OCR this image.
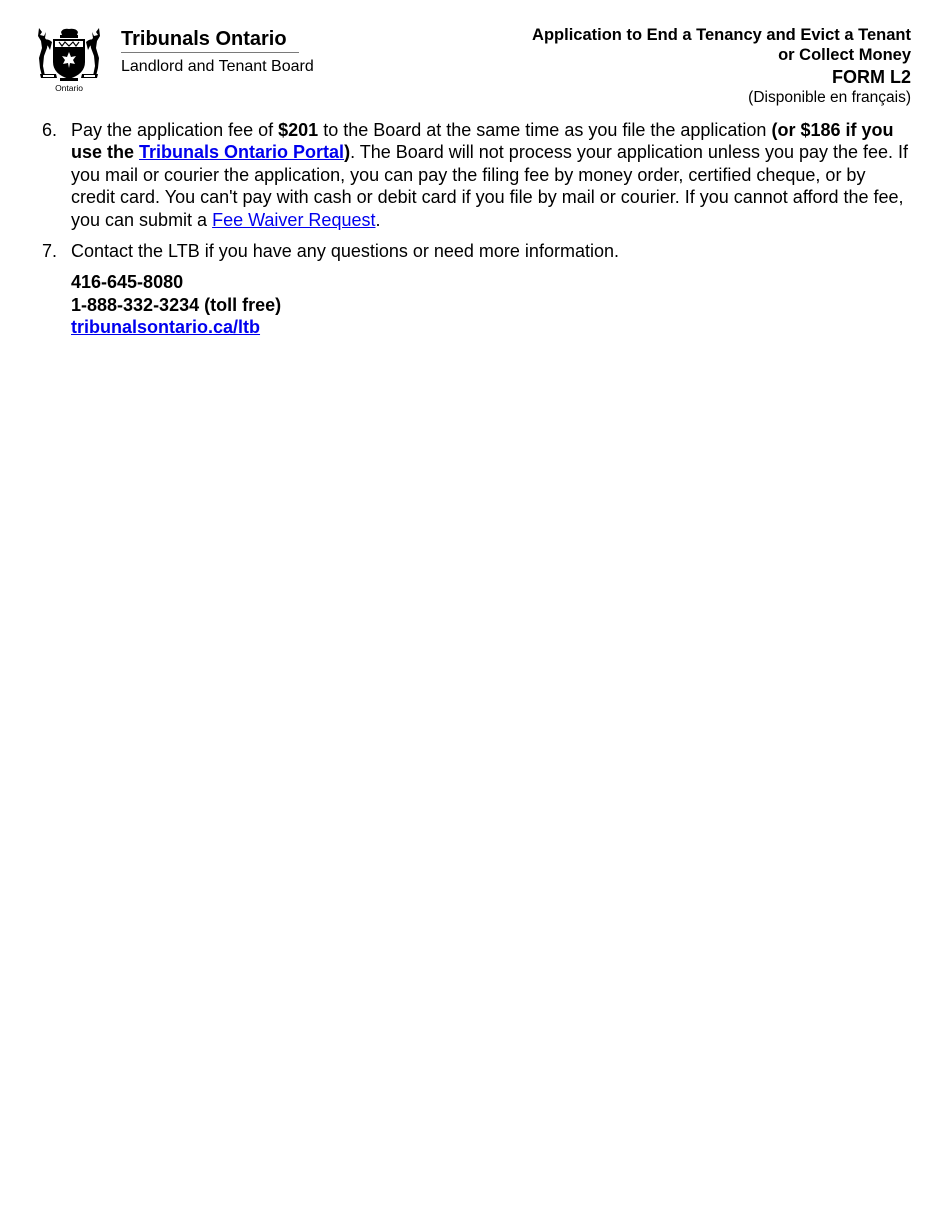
Ontario
Tribunals Ontario
Landlord and Tenant Board
Application to End a Tenancy and Evict a Tenant
or Collect Money
FORM L2
(Disponible en français)
6. Pay the application fee of $201 to the Board at the same time as you file the application (or $186 if you use the Tribunals Ontario Portal). The Board will not process your application unless you pay the fee. If you mail or courier the application, you can pay the filing fee by money order, certified cheque, or by credit card. You can't pay with cash or debit card if you file by mail or courier. If you cannot afford the fee, you can submit a Fee Waiver Request.
7. Contact the LTB if you have any questions or need more information.
416-645-8080
1-888-332-3234 (toll free)
tribunalsontario.ca/ltb
